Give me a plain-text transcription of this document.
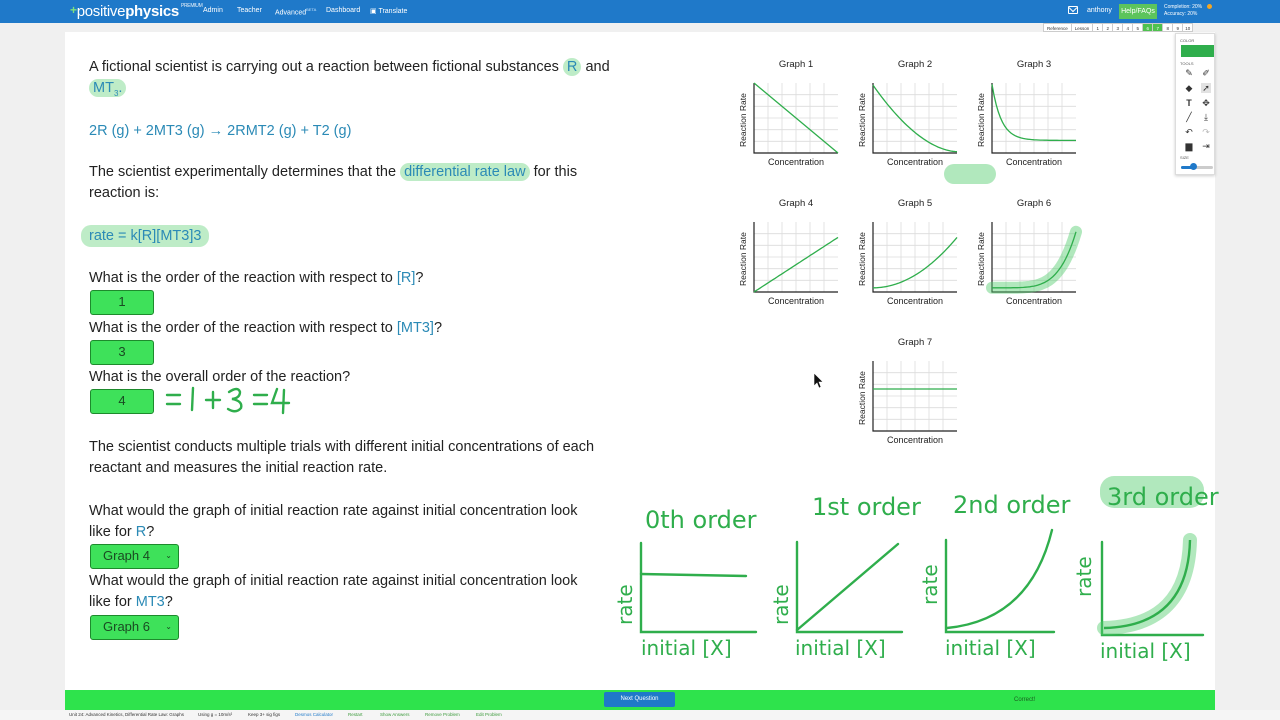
+positivephysics $^{PREMIUM}$
Admin Teacher Advanced$^{BETA}$ Dashboard ▣ Translate	anthony Help/FAQs
Completion: 20%
Accuracy: 20%
Reference	Lesson	1	2	3	4	5	6	7	8	9	10
A fictional scientist is carrying out a reaction between fictional substances R and
$MT_3$.
2R (g) + 2MT3 (g) → 2RMT2 (g) + T2 (g)
The scientist experimentally determines that the differential rate law for this
reaction is:
rate = k[R][MT3]3
What is the order of the reaction with respect to [R]?
1
What is the order of the reaction with respect to [MT3]?
3
What is the overall order of the reaction?
4
The scientist conducts multiple trials with different initial concentrations of each
reactant and measures the initial reaction rate.
What would the graph of initial reaction rate against initial concentration look
like for R?
Graph 4 ⌄
What would the graph of initial reaction rate against initial concentration look
like for MT3?
Graph 6 ⌄
Graph 1
Concentration
Reaction Rate
Graph 2
Concentration
Reaction Rate
Graph 3
Concentration
Reaction Rate
Graph 4
Concentration
Reaction Rate
Graph 5
Concentration
Reaction Rate
Graph 6
Concentration
Reaction Rate
Graph 7
Concentration
Reaction Rate
0th order 1st order 2nd order 3rd order
initial [X]	initial [X]	initial [X]	initial [X]
rate	rate	rate	rate
COLOR
TOOLS
✎ ✐
◆ ➚
T ✥
╱	⤓
↶ ↷
▆ ⇥
SIZE
Next Question	Correct!
Unit 24: Advanced Kinetics, Differential Rate Law: Graphs	Using g = 10m/s²	Keep 3+ sig figs	Desmos Calculator	Restart	Show Answers	Remove Problem	Edit Problem
